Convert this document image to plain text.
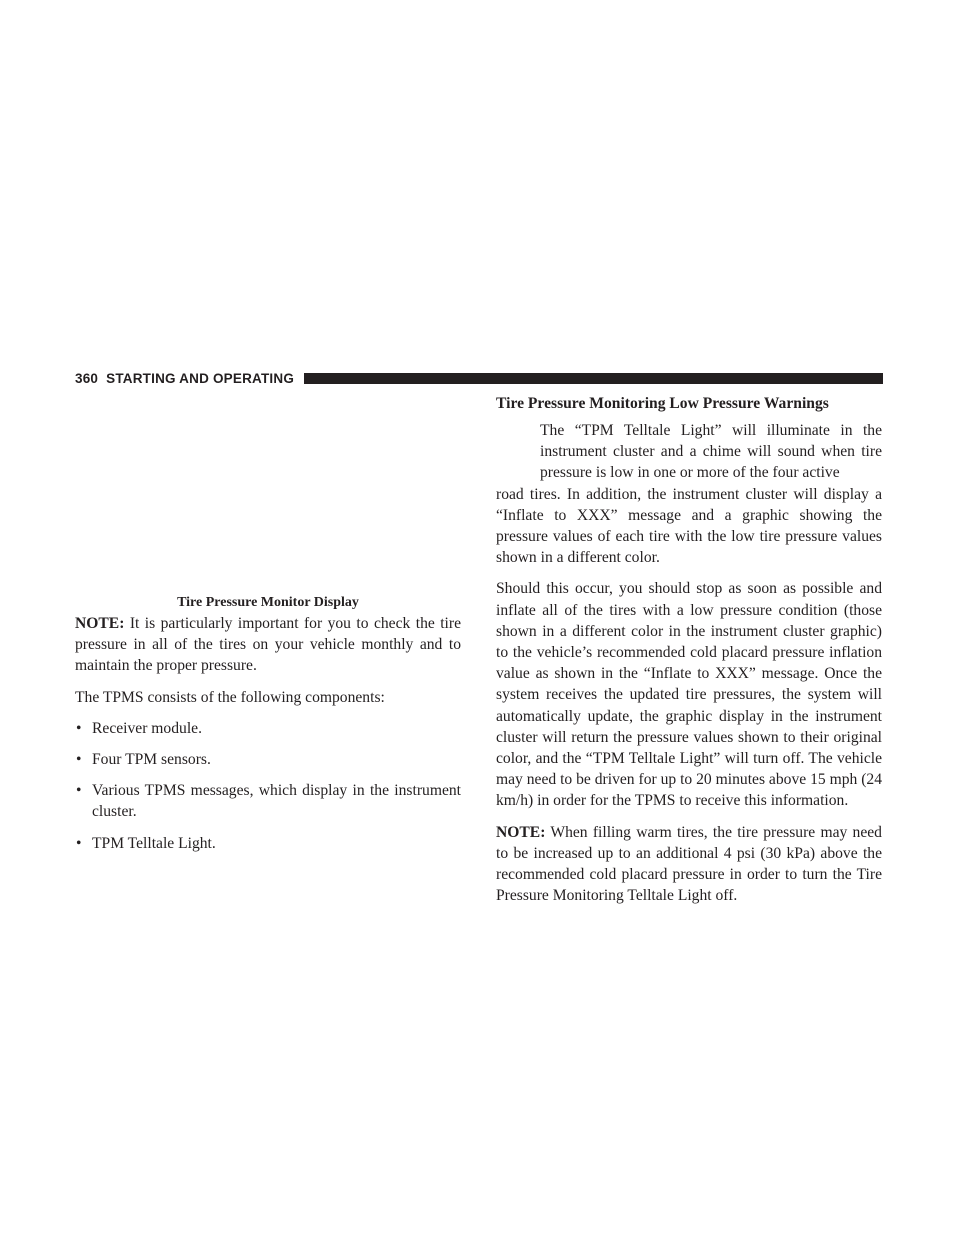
360 STARTING AND OPERATING
Tire Pressure Monitor Display

NOTE: It is particularly important for you to check the tire pressure in all of the tires on your vehicle monthly and to maintain the proper pressure.

The TPMS consists of the following components:

• Receiver module.
• Four TPM sensors.
• Various TPMS messages, which display in the instrument cluster.
• TPM Telltale Light.
Tire Pressure Monitoring Low Pressure Warnings
The “TPM Telltale Light” will illuminate in the instrument cluster and a chime will sound when tire pressure is low in one or more of the four active
road tires. In addition, the instrument cluster will display a “Inflate to XXX” message and a graphic showing the pressure values of each tire with the low tire pressure values shown in a different color.

Should this occur, you should stop as soon as possible and inflate all of the tires with a low pressure condition (those shown in a different color in the instrument cluster graphic) to the vehicle’s recommended cold placard pressure inflation value as shown in the “Inflate to XXX” message. Once the system receives the updated tire pressures, the system will automatically update, the graphic display in the instrument cluster will return the pressure values shown to their original color, and the “TPM Telltale Light” will turn off. The vehicle may need to be driven for up to 20 minutes above 15 mph (24 km/h) in order for the TPMS to receive this information.

NOTE: When filling warm tires, the tire pressure may need to be increased up to an additional 4 psi (30 kPa) above the recommended cold placard pressure in order to turn the Tire Pressure Monitoring Telltale Light off.
